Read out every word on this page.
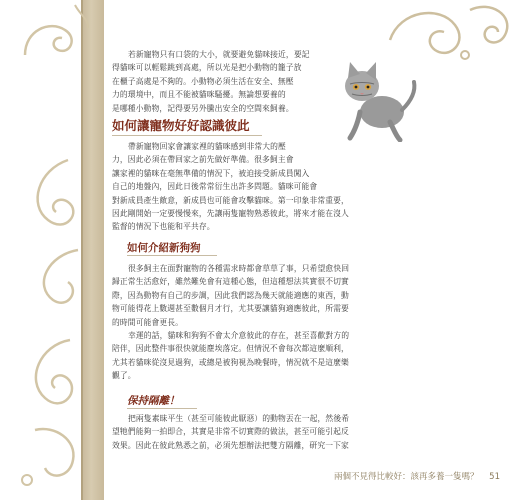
若新寵物只有口袋的大小，就要避免貓咪接近，要記
得貓咪可以輕鬆跳到高處，所以光是把小動物的籠子放
在櫃子高處是不夠的。小動物必須生活在安全、無壓
力的環境中，而且不能被貓咪騷擾。無論想要養的
是哪種小動物，記得要另外騰出安全的空間來飼養。
如何讓寵物好好認識彼此
帶新寵物回家會讓家裡的貓咪感到非常大的壓
力，因此必須在帶回家之前先做好準備。很多飼主會
讓家裡的貓咪在毫無準備的情況下，被迫接受新成員闖入
自己的地盤內，因此日後常常衍生出許多問題。貓咪可能會
對新成員產生敵意，新成員也可能會攻擊貓咪。第一印象非常重要，
因此剛開始一定要慢慢來，先讓兩隻寵物熟悉彼此，將來才能在沒人
監督的情況下也能和平共存。
如何介紹新狗狗
很多飼主在面對寵物的各種需求時都會草草了事，只希望愈快回
歸正常生活愈好，雖然難免會有這種心態，但這種想法其實很不切實
際，因為動物有自己的步調，因此我們認為幾天就能適應的東西，動
物可能得花上數週甚至數個月才行，尤其要讓貓狗適應彼此，所需要
的時間可能會更長。
幸運的話，貓咪和狗狗不會太介意彼此的存在，甚至喜歡對方的
陪伴，因此整件事很快就能塵埃落定。但情況不會每次都這麼順利，
尤其若貓咪從沒見過狗，或總是被狗視為晚餐時，情況就不是這麼樂
觀了。
保持隔離！
把兩隻素昧平生（甚至可能彼此厭惡）的動物丟在一起，然後希
望牠們能夠一拍即合，其實是非常不切實際的做法，甚至可能引起反
效果。因此在彼此熟悉之前，必須先想辦法把雙方隔離，研究一下家
兩個不見得比較好：該再多養一隻嗎？ 51
